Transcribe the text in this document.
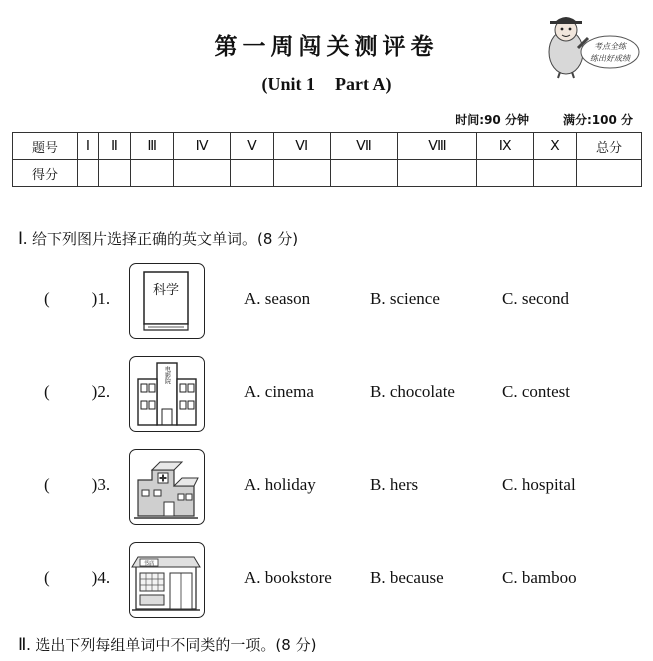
第一周闯关测评卷
(Unit 1 Part A)
考点全练
练出好成绩
时间:90 分钟	满分:100 分
题号	Ⅰ	Ⅱ	Ⅲ	Ⅳ	Ⅴ	Ⅵ	Ⅶ	Ⅷ	Ⅸ	Ⅹ	总分
得分											
Ⅰ. 给下列图片选择正确的英文单词。(8 分)
( )1.	科学	A. season	B. science	C. second
( )2.
电影院
A. cinema	B. chocolate	C. contest
( )3.	A. holiday	B. hers	C. hospital
( )4.
书店
A. bookstore B. because	C. bamboo
Ⅱ. 选出下列每组单词中不同类的一项。(8 分)
